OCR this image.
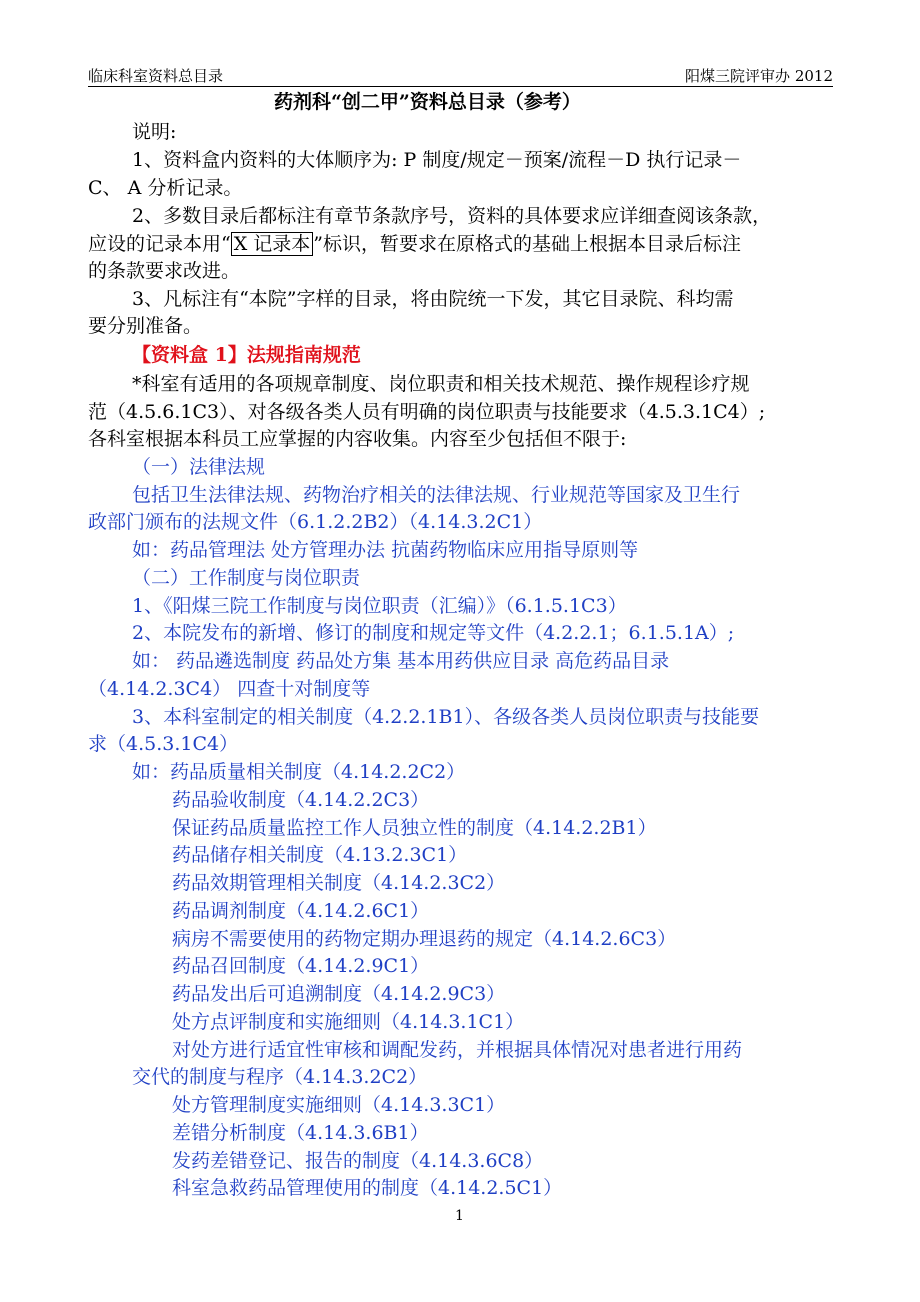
临床科室资料总目录	阳煤三院评审办 2012
药剂科“创二甲”资料总目录（参考）
说明:
1、资料盒内资料的大体顺序为: P 制度/规定－预案/流程－D 执行记录－
C、 A 分析记录。
2、多数目录后都标注有章节条款序号，资料的具体要求应详细查阅该条款，
应设的记录本用“ X 记录本 ”标识，暂要求在原格式的基础上根据本目录后标注
的条款要求改进。
3、凡标注有“本院”字样的目录，将由院统一下发，其它目录院、科均需
要分别准备。
【资料盒 1】法规指南规范
*科室有适用的各项规章制度、岗位职责和相关技术规范、操作规程诊疗规
范（4.5.6.1C3）、对各级各类人员有明确的岗位职责与技能要求（4.5.3.1C4）;
各科室根据本科员工应掌握的内容收集。内容至少包括但不限于:
（一）法律法规
包括卫生法律法规、药物治疗相关的法律法规、行业规范等国家及卫生行
政部门颁布的法规文件（6.1.2.2B2）（4.14.3.2C1）
如：药品管理法 处方管理办法 抗菌药物临床应用指导原则等
（二）工作制度与岗位职责
1、《阳煤三院工作制度与岗位职责（汇编）》（6.1.5.1C3）
2、本院发布的新增、修订的制度和规定等文件（4.2.2.1；6.1.5.1A）;
如： 药品遴选制度 药品处方集 基本用药供应目录 高危药品目录
（4.14.2.3C4） 四查十对制度等
3、本科室制定的相关制度（4.2.2.1B1）、各级各类人员岗位职责与技能要
求（4.5.3.1C4）
如：药品质量相关制度（4.14.2.2C2）
药品验收制度（4.14.2.2C3）
保证药品质量监控工作人员独立性的制度（4.14.2.2B1）
药品储存相关制度（4.13.2.3C1）
药品效期管理相关制度（4.14.2.3C2）
药品调剂制度（4.14.2.6C1）
病房不需要使用的药物定期办理退药的规定（4.14.2.6C3）
药品召回制度（4.14.2.9C1）
药品发出后可追溯制度（4.14.2.9C3）
处方点评制度和实施细则（4.14.3.1C1）
对处方进行适宜性审核和调配发药，并根据具体情况对患者进行用药
交代的制度与程序（4.14.3.2C2）
处方管理制度实施细则（4.14.3.3C1）
差错分析制度（4.14.3.6B1）
发药差错登记、报告的制度（4.14.3.6C8）
科室急救药品管理使用的制度（4.14.2.5C1）
1
